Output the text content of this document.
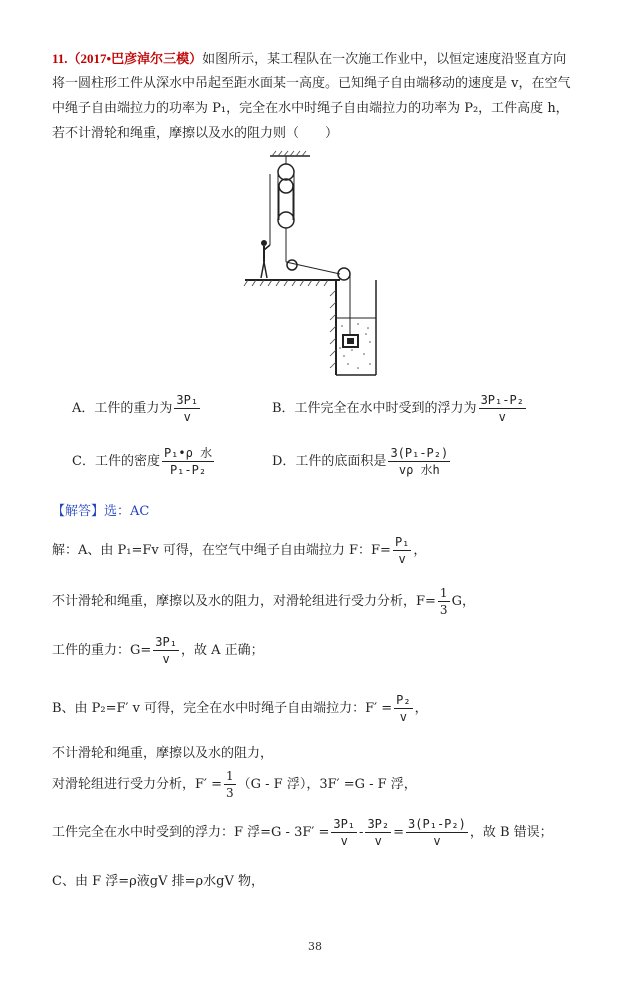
11.（2017•巴彦淖尔三模）如图所示，某工程队在一次施工作业中，以恒定速度沿竖直方向
将一圆柱形工件从深水中吊起至距水面某一高度。已知绳子自由端移动的速度是 v，在空气
中绳子自由端拉力的功率为 P₁，完全在水中时绳子自由端拉力的功率为 P₂，工件高度 h，
若不计滑轮和绳重，摩擦以及水的阻力则（　　）
A．工件的重力为 $\frac{\text{3P₁}}{v}$	B．工件完全在水中时受到的浮力为 $\frac{\text{3P₁-P₂}}{v}$
C．工件的密度 $\frac{\text{P₁•ρ 水}}{\text{P₁-P₂}}$	D．工件的底面积是 $\frac{\text{3(P₁-P₂)}}{\text{vρ 水h}}$
【解答】选：AC
解：A、由 P₁=Fv 可得，在空气中绳子自由端拉力 F：$F= \frac{\text{P₁}}{v}$ ，
不计滑轮和绳重，摩擦以及水的阻力，对滑轮组进行受力分析，$F= \frac{1}{3}$ G，
工件的重力：$G= \frac{\text{3P₁}}{v}$ ，故 A 正确；
B、由 P₂=F′ v 可得，完全在水中时绳子自由端拉力：$F' = \frac{\text{P₂}}{v}$ ，
不计滑轮和绳重，摩擦以及水的阻力，
对滑轮组进行受力分析，$F' = \frac{1}{3} (G - F$ 浮），3F′ =G - F 浮，
工件完全在水中时受到的浮力：F 浮$=G - 3F' = \frac{\text{3P₁}}{v} - \frac{\text{3P₂}}{v} = \frac{\text{3(P₁-P₂)}}{v}$ ，故 B 错误；
C、由 F 浮=ρ液gV 排=ρ水gV 物，
38
